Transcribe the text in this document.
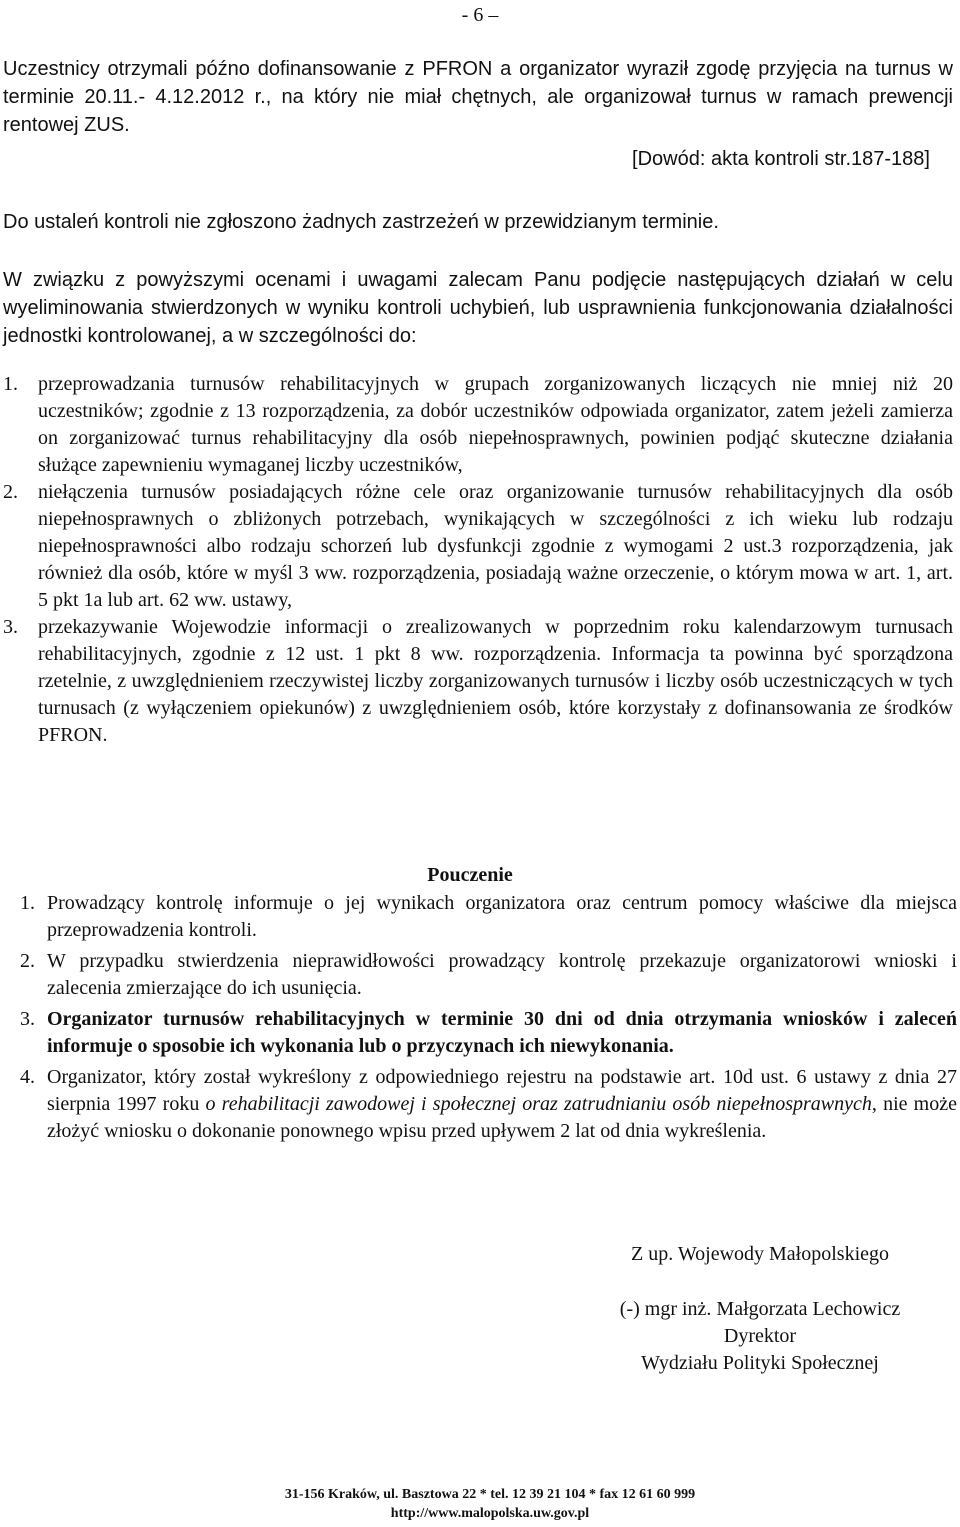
- 6 –
Uczestnicy otrzymali późno dofinansowanie z PFRON a organizator wyraził zgodę przyjęcia na turnus w terminie 20.11.- 4.12.2012 r., na który nie miał chętnych, ale organizował turnus w ramach prewencji rentowej ZUS.
[Dowód: akta kontroli str.187-188]
Do ustaleń kontroli nie zgłoszono żadnych zastrzeżeń w przewidzianym terminie.
W związku z powyższymi ocenami i uwagami zalecam Panu podjęcie następujących działań w celu wyeliminowania stwierdzonych w wyniku kontroli uchybień, lub usprawnienia funkcjonowania działalności jednostki kontrolowanej, a w szczególności do:
1. przeprowadzania turnusów rehabilitacyjnych w grupach zorganizowanych liczących nie mniej niż 20 uczestników; zgodnie z 13 rozporządzenia, za dobór uczestników odpowiada organizator, zatem jeżeli zamierza on zorganizować turnus rehabilitacyjny dla osób niepełnosprawnych, powinien podjąć skuteczne działania służące zapewnieniu wymaganej liczby uczestników,
2. niełączenia turnusów posiadających różne cele oraz organizowanie turnusów rehabilitacyjnych dla osób niepełnosprawnych o zbliżonych potrzebach, wynikających w szczególności z ich wieku lub rodzaju niepełnosprawności albo rodzaju schorzeń lub dysfunkcji zgodnie z wymogami 2 ust.3 rozporządzenia, jak również dla osób, które w myśl 3 ww. rozporządzenia, posiadają ważne orzeczenie, o którym mowa w art. 1, art. 5 pkt 1a lub art. 62 ww. ustawy,
3. przekazywanie Wojewodzie informacji o zrealizowanych w poprzednim roku kalendarzowym turnusach rehabilitacyjnych, zgodnie z 12 ust. 1 pkt 8 ww. rozporządzenia. Informacja ta powinna być sporządzona rzetelnie, z uwzględnieniem rzeczywistej liczby zorganizowanych turnusów i liczby osób uczestniczących w tych turnusach (z wyłączeniem opiekunów) z uwzględnieniem osób, które korzystały z dofinansowania ze środków PFRON.
Pouczenie
1. Prowadzący kontrolę informuje o jej wynikach organizatora oraz centrum pomocy właściwe dla miejsca przeprowadzenia kontroli.
2. W przypadku stwierdzenia nieprawidłowości prowadzący kontrolę przekazuje organizatorowi wnioski i zalecenia zmierzające do ich usunięcia.
3. Organizator turnusów rehabilitacyjnych w terminie 30 dni od dnia otrzymania wniosków i zaleceń informuje o sposobie ich wykonania lub o przyczynach ich niewykonania.
4. Organizator, który został wykreślony z odpowiedniego rejestru na podstawie art. 10d ust. 6 ustawy z dnia 27 sierpnia 1997 roku o rehabilitacji zawodowej i społecznej oraz zatrudnianiu osób niepełnosprawnych, nie może złożyć wniosku o dokonanie ponownego wpisu przed upływem 2 lat od dnia wykreślenia.
Z up. Wojewody Małopolskiego
(-) mgr inż. Małgorzata Lechowicz
Dyrektor
Wydziału Polityki Społecznej
31-156 Kraków, ul. Basztowa 22 * tel. 12 39 21 104 * fax 12 61 60 999
http://www.malopolska.uw.gov.pl
